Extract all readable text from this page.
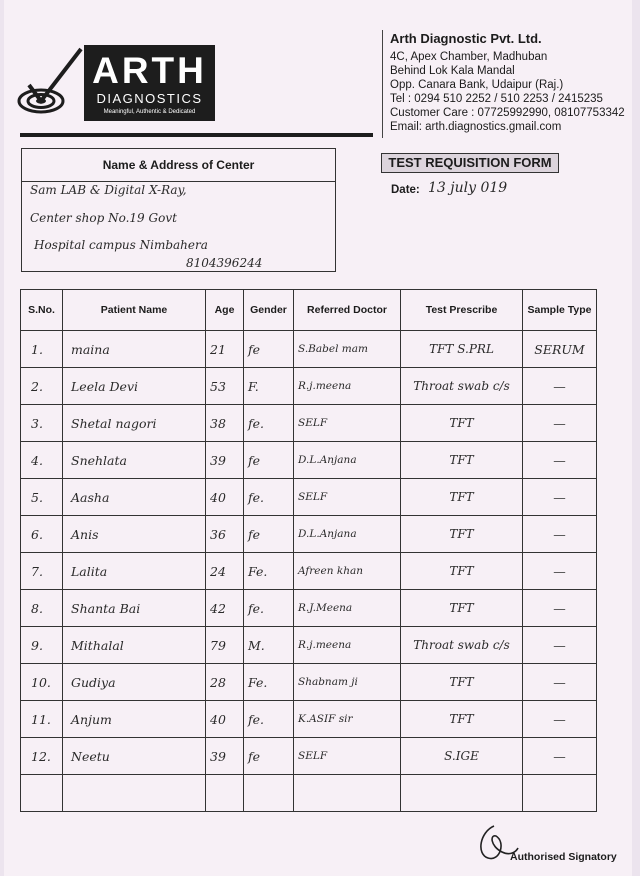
ARTH
DIAGNOSTICS
Meaningful, Authentic & Dedicated
Arth Diagnostic Pvt. Ltd.
4C, Apex Chamber, Madhuban
Behind Lok Kala Mandal
Opp. Canara Bank, Udaipur (Raj.)
Tel : 0294 510 2252 / 510 2253 / 2415235
Customer Care : 07725992990, 08107753342
Email: arth.diagnostics.gmail.com
Name & Address of Center
Sam LAB & Digital X-Ray,
Center shop No.19 Govt
Hospital campus Nimbahera
8104396244
TEST REQUISITION FORM
Date: 13 july 019
S.No.	Patient Name	Age	Gender	Referred Doctor	Test Prescribe	Sample Type
1.	maina	21	fe	S.Babel mam	TFT S.PRL	SERUM
2.	Leela Devi	53	F.	R.j.meena	Throat swab c/s	—
3.	Shetal nagori	38	fe.	SELF	TFT	—
4.	Snehlata	39	fe	D.L.Anjana	TFT	—
5.	Aasha	40	fe.	SELF	TFT	—
6.	Anis	36	fe	D.L.Anjana	TFT	—
7.	Lalita	24	Fe.	Afreen khan	TFT	—
8.	Shanta Bai	42	fe.	R.J.Meena	TFT	—
9.	Mithalal	79	M.	R.j.meena	Throat swab c/s	—
10.	Gudiya	28	Fe.	Shabnam ji	TFT	—
11.	Anjum	40	fe.	K.ASIF sir	TFT	—
12.	Neetu	39	fe	SELF	S.IGE	—

Authorised Signatory
